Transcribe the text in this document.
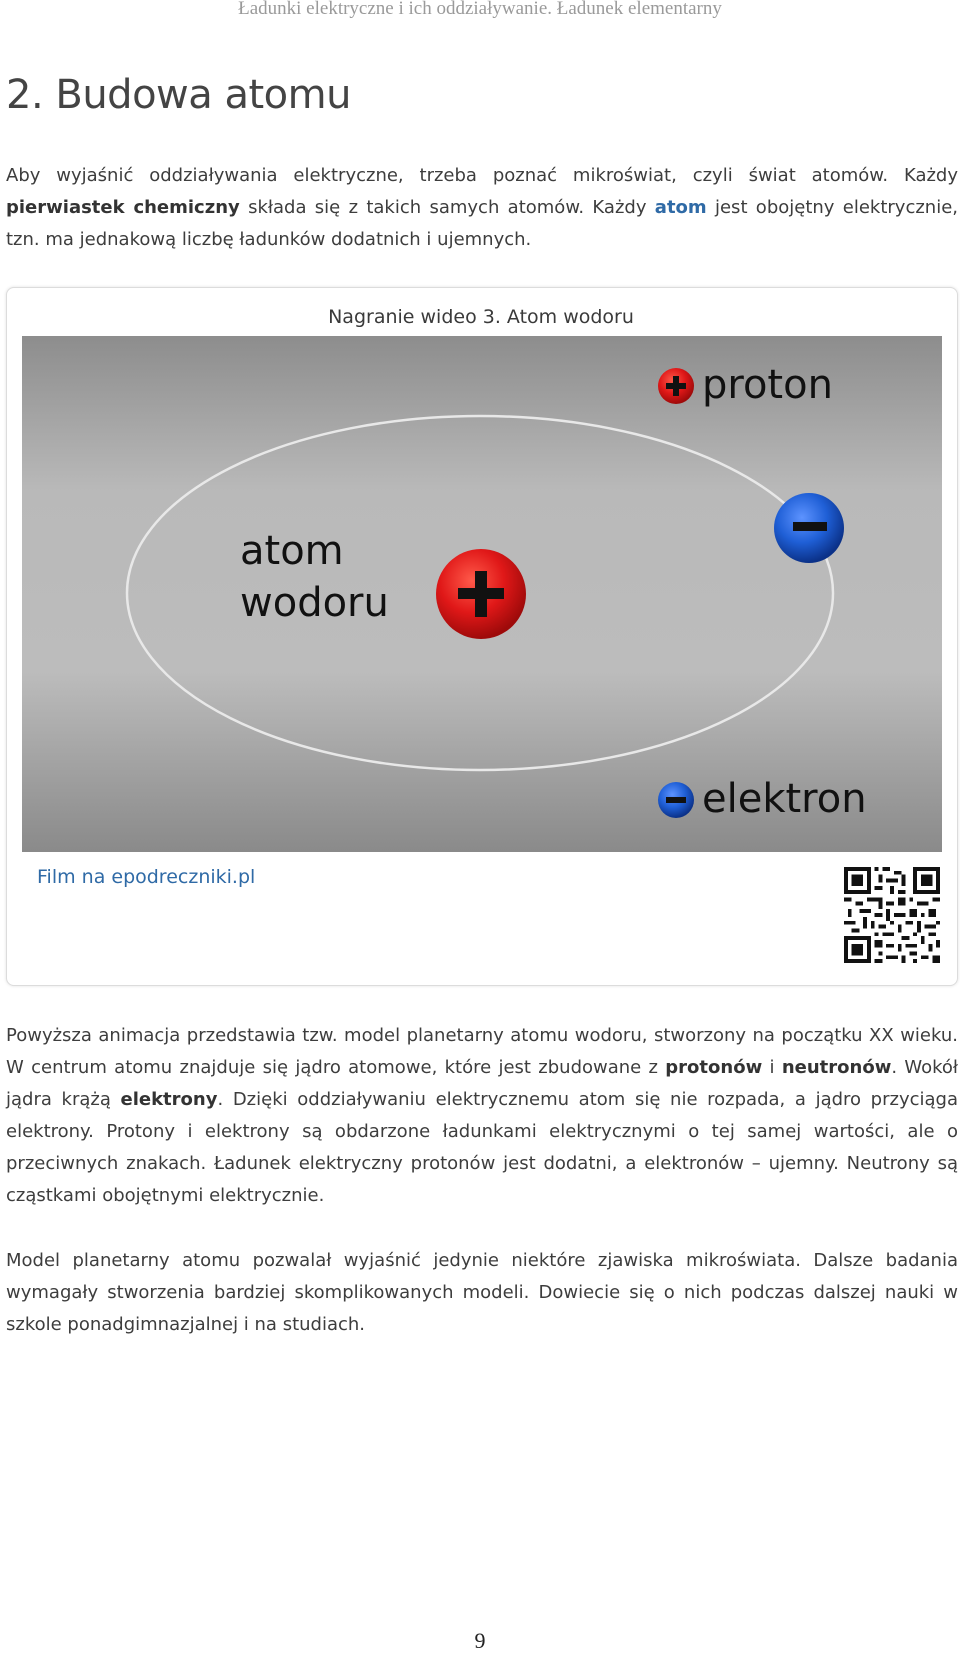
Ładunki elektryczne i ich oddziaływanie. Ładunek elementarny
2. Budowa atomu

Aby wyjaśnić oddziaływania elektryczne, trzeba poznać mikroświat, czyli świat atomów. Każdy pierwiastek chemiczny składa się z takich samych atomów. Każdy atom jest obojętny elektrycznie, tzn. ma jednakową liczbę ładunków dodatnich i ujemnych.

Nagranie wideo 3. Atom wodoru
proton
atom
wodoru
elektron
Film na epodreczniki.pl

Powyższa animacja przedstawia tzw. model planetarny atomu wodoru, stworzony na początku XX wieku. W centrum atomu znajduje się jądro atomowe, które jest zbudowane z protonów i neutronów. Wokół jądra krążą elektrony. Dzięki oddziaływaniu elektrycznemu atom się nie rozpada, a jądro przyciąga elektrony. Protony i elektrony są obdarzone ładunkami elektrycznymi o tej samej wartości, ale o przeciwnych znakach. Ładunek elektryczny protonów jest dodatni, a elektronów – ujemny. Neutrony są cząstkami obojętnymi elektrycznie.

Model planetarny atomu pozwalał wyjaśnić jedynie niektóre zjawiska mikroświata. Dalsze badania wymagały stworzenia bardziej skomplikowanych modeli. Dowiecie się o nich podczas dalszej nauki w szkole ponadgimnazjalnej i na studiach.

9
